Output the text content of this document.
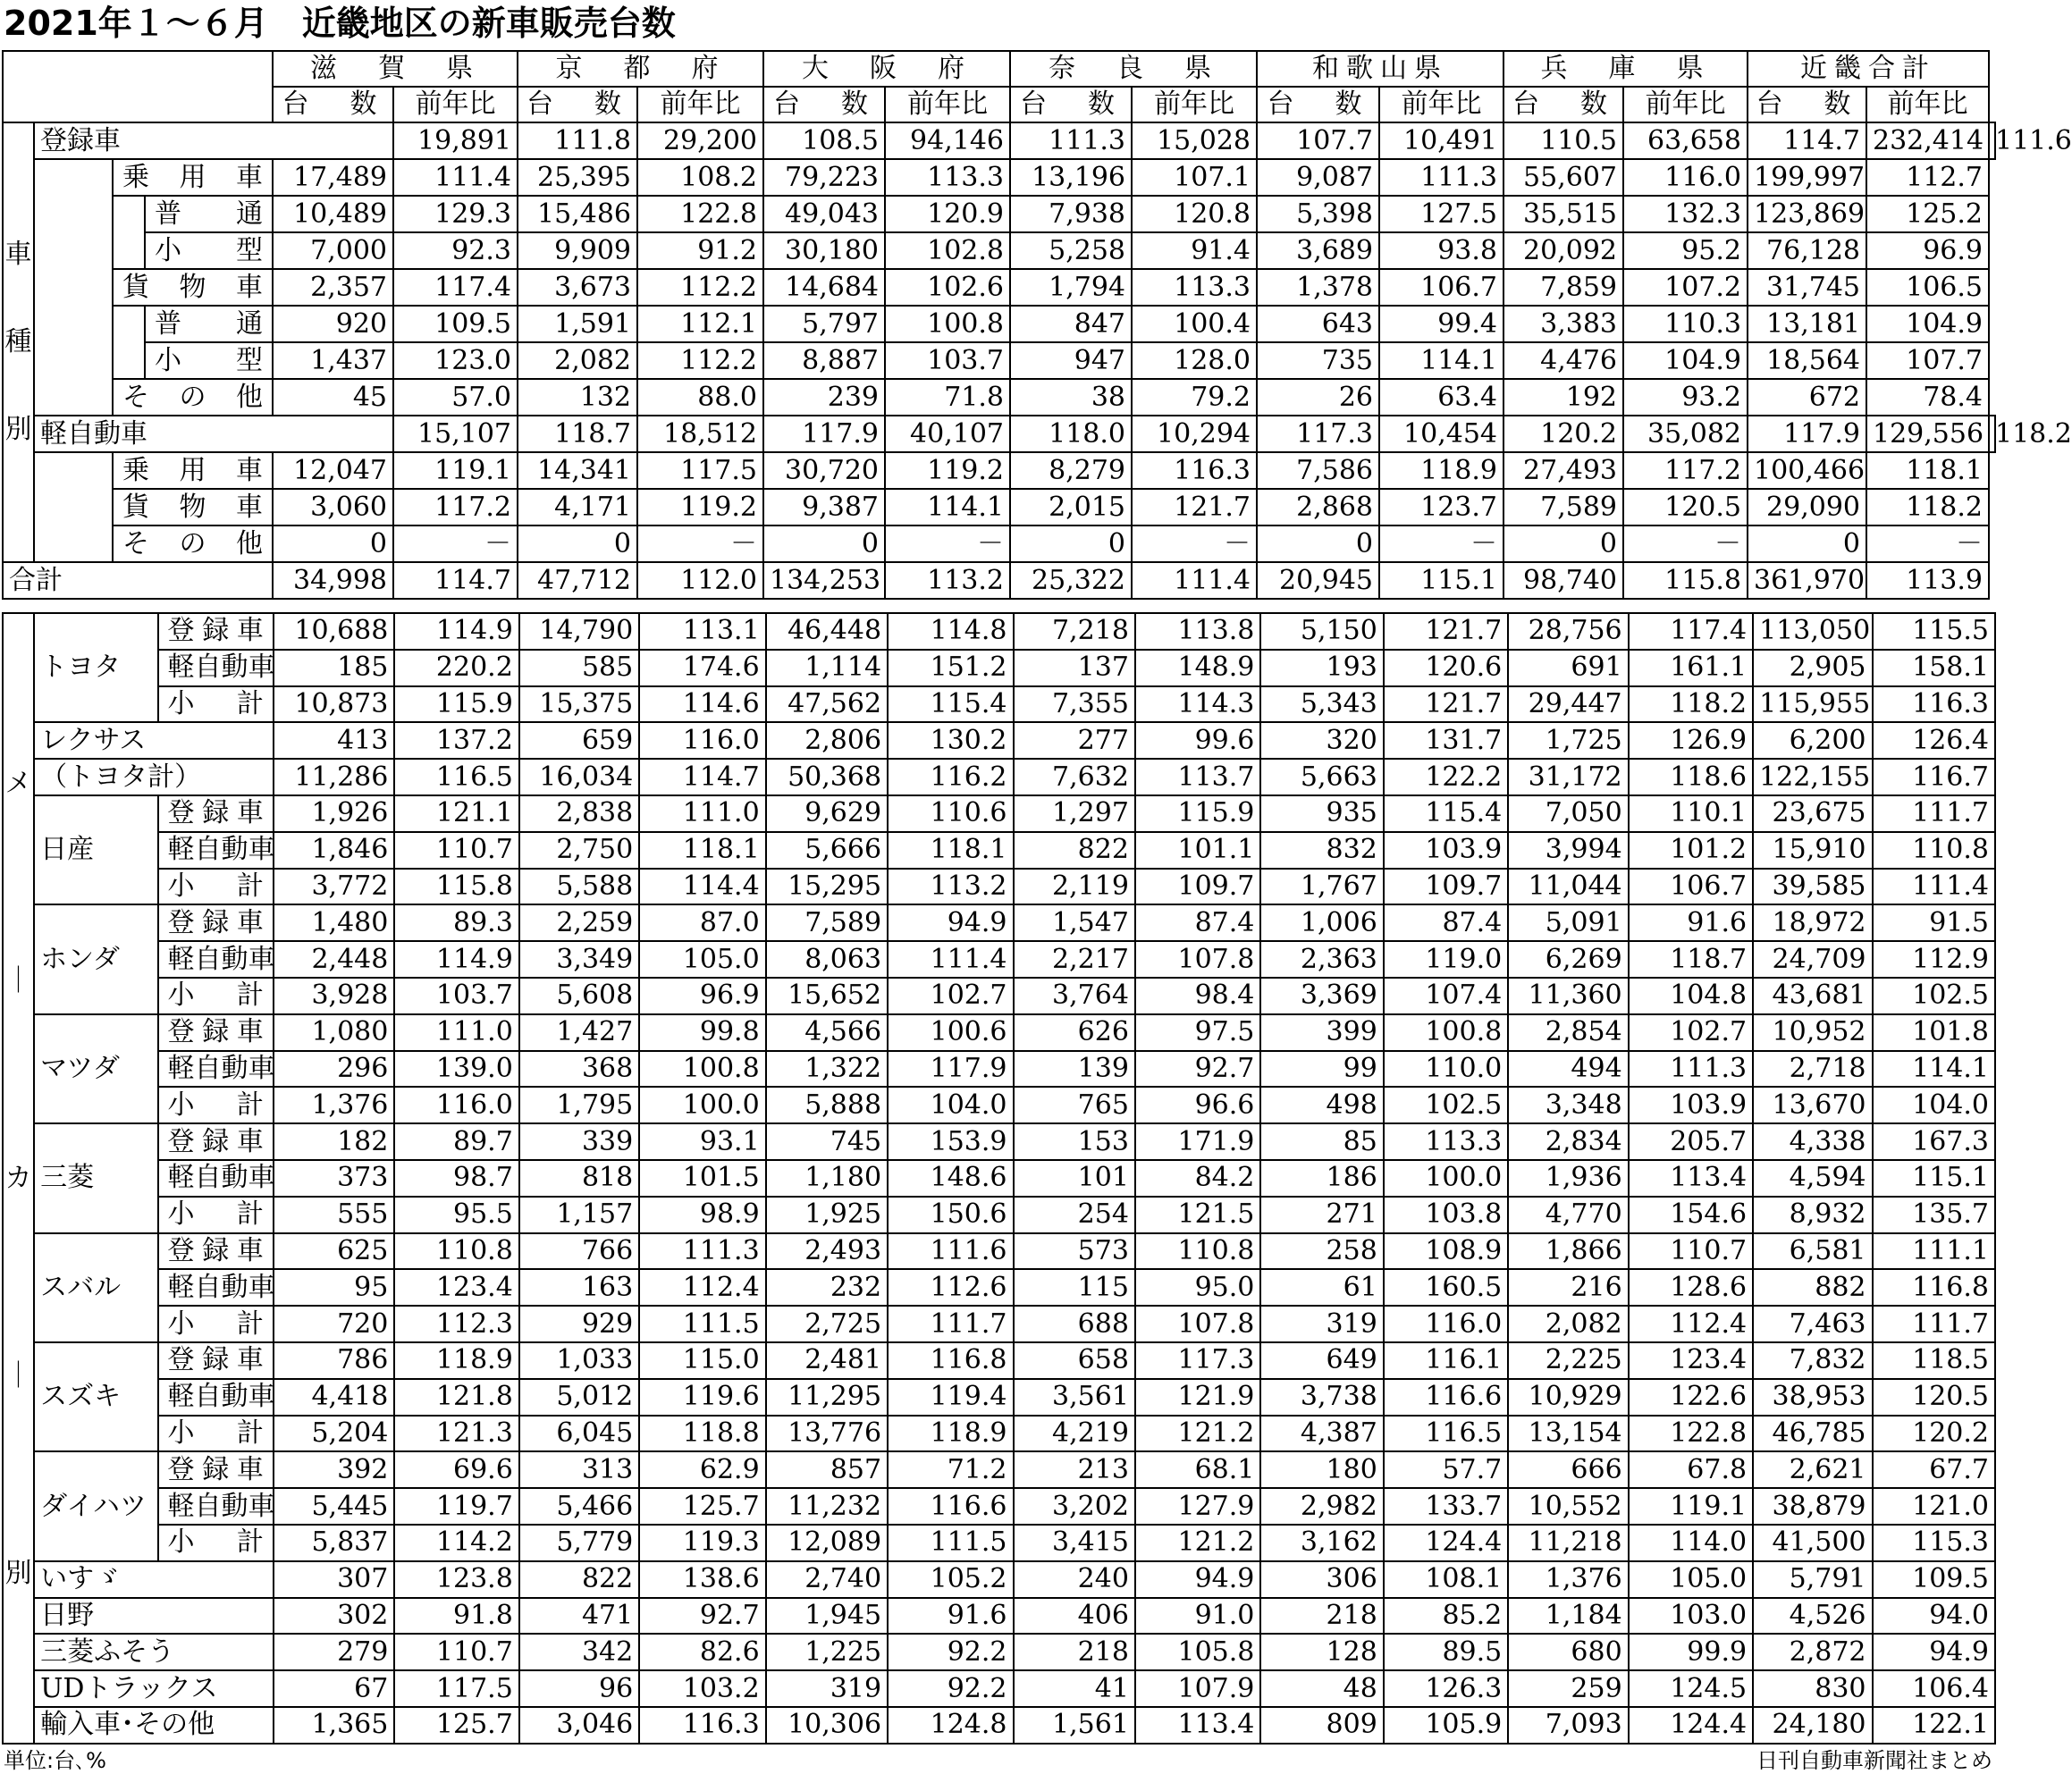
2021年１～６月　近畿地区の新車販売台数
				滋　賀　県		京　都　府		大　阪　府		奈　良　県		和歌山県		兵　庫　県		近畿合計		
				台　数	前年比	台　数	前年比	台　数	前年比	台　数	前年比	台　数	前年比	台　数	前年比	台　数	前年比	

車
種
別	登録車				19,891	111.8	29,200	108.5	94,146	111.3	15,028	107.7	10,491	110.5	63,658	114.7	232,414	111.6
		乗　用　車		17,489	111.4	25,395	108.2	79,223	113.3	13,196	107.1	9,087	111.3	55,607	116.0	199,997	112.7	
			普　通	10,489	129.3	15,486	122.8	49,043	120.9	7,938	120.8	5,398	127.5	35,515	132.3	123,869	125.2	
			小　型	7,000	92.3	9,909	91.2	30,180	102.8	5,258	91.4	3,689	93.8	20,092	95.2	76,128	96.9	
		貨　物　車		2,357	117.4	3,673	112.2	14,684	102.6	1,794	113.3	1,378	106.7	7,859	107.2	31,745	106.5	
			普　通	920	109.5	1,591	112.1	5,797	100.8	847	100.4	643	99.4	3,383	110.3	13,181	104.9	
			小　型	1,437	123.0	2,082	112.2	8,887	103.7	947	128.0	735	114.1	4,476	104.9	18,564	107.7	
		そ　の　他		45	57.0	132	88.0	239	71.8	38	79.2	26	63.4	192	93.2	672	78.4	
	軽自動車				15,107	118.7	18,512	117.9	40,107	118.0	10,294	117.3	10,454	120.2	35,082	117.9	129,556	118.2
		乗　用　車		12,047	119.1	14,341	117.5	30,720	119.2	8,279	116.3	7,586	118.9	27,493	117.2	100,466	118.1	
		貨　物　車		3,060	117.2	4,171	119.2	9,387	114.1	2,015	121.7	2,868	123.7	7,589	120.5	29,090	118.2	
		そ　の　他		0	－	0	－	0	－	0	－	0	－	0	－	0	－	
合計				34,998	114.7	47,712	112.0	134,253	113.2	25,322	111.4	20,945	115.1	98,740	115.8	361,970	113.9	
メ
｜
カ
｜
別	トヨタ	登録車	10,688	114.9	14,790	113.1	46,448	114.8	7,218	113.8	5,150	121.7	28,756	117.4	113,050	115.5
		軽自動車	185	220.2	585	174.6	1,114	151.2	137	148.9	193	120.6	691	161.1	2,905	158.1
		小　計	10,873	115.9	15,375	114.6	47,562	115.4	7,355	114.3	5,343	121.7	29,447	118.2	115,955	116.3
	レクサス		413	137.2	659	116.0	2,806	130.2	277	99.6	320	131.7	1,725	126.9	6,200	126.4
	（トヨタ計）		11,286	116.5	16,034	114.7	50,368	116.2	7,632	113.7	5,663	122.2	31,172	118.6	122,155	116.7
	日産	登録車	1,926	121.1	2,838	111.0	9,629	110.6	1,297	115.9	935	115.4	7,050	110.1	23,675	111.7
		軽自動車	1,846	110.7	2,750	118.1	5,666	118.1	822	101.1	832	103.9	3,994	101.2	15,910	110.8
		小　計	3,772	115.8	5,588	114.4	15,295	113.2	2,119	109.7	1,767	109.7	11,044	106.7	39,585	111.4
	ホンダ	登録車	1,480	89.3	2,259	87.0	7,589	94.9	1,547	87.4	1,006	87.4	5,091	91.6	18,972	91.5
		軽自動車	2,448	114.9	3,349	105.0	8,063	111.4	2,217	107.8	2,363	119.0	6,269	118.7	24,709	112.9
		小　計	3,928	103.7	5,608	96.9	15,652	102.7	3,764	98.4	3,369	107.4	11,360	104.8	43,681	102.5
	マツダ	登録車	1,080	111.0	1,427	99.8	4,566	100.6	626	97.5	399	100.8	2,854	102.7	10,952	101.8
		軽自動車	296	139.0	368	100.8	1,322	117.9	139	92.7	99	110.0	494	111.3	2,718	114.1
		小　計	1,376	116.0	1,795	100.0	5,888	104.0	765	96.6	498	102.5	3,348	103.9	13,670	104.0
	三菱	登録車	182	89.7	339	93.1	745	153.9	153	171.9	85	113.3	2,834	205.7	4,338	167.3
		軽自動車	373	98.7	818	101.5	1,180	148.6	101	84.2	186	100.0	1,936	113.4	4,594	115.1
		小　計	555	95.5	1,157	98.9	1,925	150.6	254	121.5	271	103.8	4,770	154.6	8,932	135.7
	スバル	登録車	625	110.8	766	111.3	2,493	111.6	573	110.8	258	108.9	1,866	110.7	6,581	111.1
		軽自動車	95	123.4	163	112.4	232	112.6	115	95.0	61	160.5	216	128.6	882	116.8
		小　計	720	112.3	929	111.5	2,725	111.7	688	107.8	319	116.0	2,082	112.4	7,463	111.7
	スズキ	登録車	786	118.9	1,033	115.0	2,481	116.8	658	117.3	649	116.1	2,225	123.4	7,832	118.5
		軽自動車	4,418	121.8	5,012	119.6	11,295	119.4	3,561	121.9	3,738	116.6	10,929	122.6	38,953	120.5
		小　計	5,204	121.3	6,045	118.8	13,776	118.9	4,219	121.2	4,387	116.5	13,154	122.8	46,785	120.2
	ダイハツ	登録車	392	69.6	313	62.9	857	71.2	213	68.1	180	57.7	666	67.8	2,621	67.7
		軽自動車	5,445	119.7	5,466	125.7	11,232	116.6	3,202	127.9	2,982	133.7	10,552	119.1	38,879	121.0
		小　計	5,837	114.2	5,779	119.3	12,089	111.5	3,415	121.2	3,162	124.4	11,218	114.0	41,500	115.3
	いすゞ		307	123.8	822	138.6	2,740	105.2	240	94.9	306	108.1	1,376	105.0	5,791	109.5
	日野		302	91.8	471	92.7	1,945	91.6	406	91.0	218	85.2	1,184	103.0	4,526	94.0
	三菱ふそう		279	110.7	342	82.6	1,225	92.2	218	105.8	128	89.5	680	99.9	2,872	94.9
	UDトラックス		67	117.5	96	103.2	319	92.2	41	107.9	48	126.3	259	124.5	830	106.4
	輸入車･その他		1,365	125.7	3,046	116.3	10,306	124.8	1,561	113.4	809	105.9	7,093	124.4	24,180	122.1
単位:台､%	日刊自動車新聞社まとめ
